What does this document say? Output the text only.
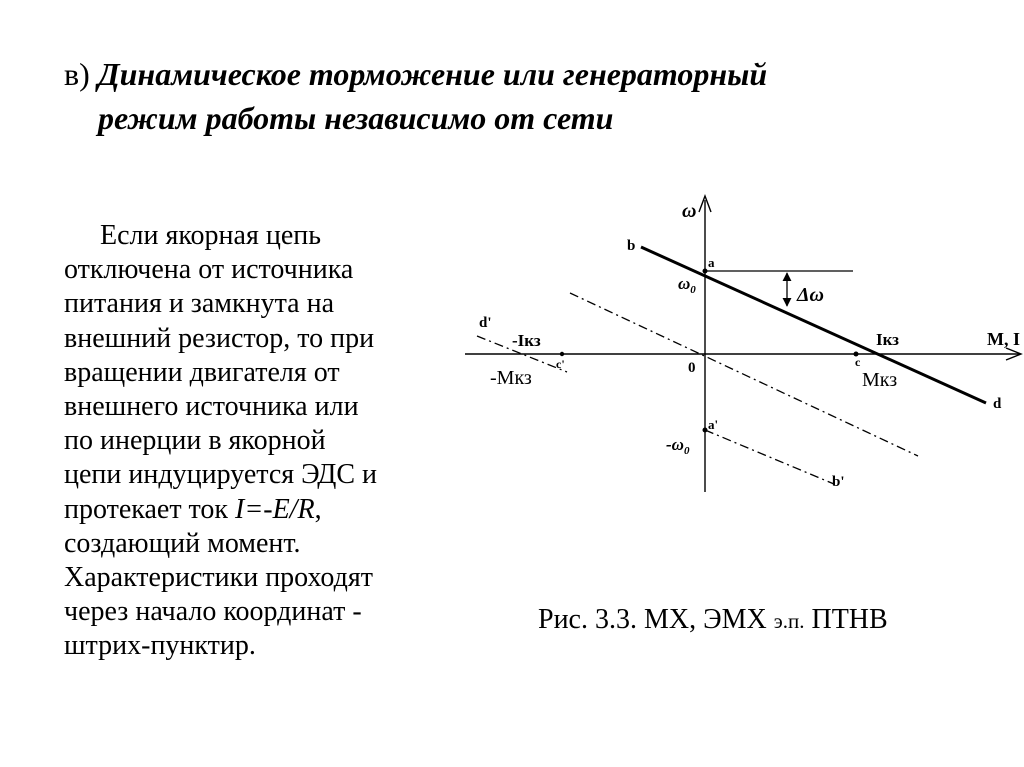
в) Динамическое торможение или генераторный
режим работы независимо от сети
Если якорная цепь
отключена от источника
питания и замкнута на
внешний резистор, то при
вращении двигателя от
внешнего источника или
по инерции в якорной
цепи индуцируется ЭДС и
протекает ток I=-E/R,
создающий момент.
Характеристики проходят
через начало координат -
штрих-пунктир.
ω
M, I
0
b
a
$\omega_0$	Δω
Iкз
c
Mкз
d
d'
-Iкз
c'
-Mкз
a'
$-\omega_0$
b'
Рис. 3.3. МХ, ЭМХ э.п. ПТНВ
